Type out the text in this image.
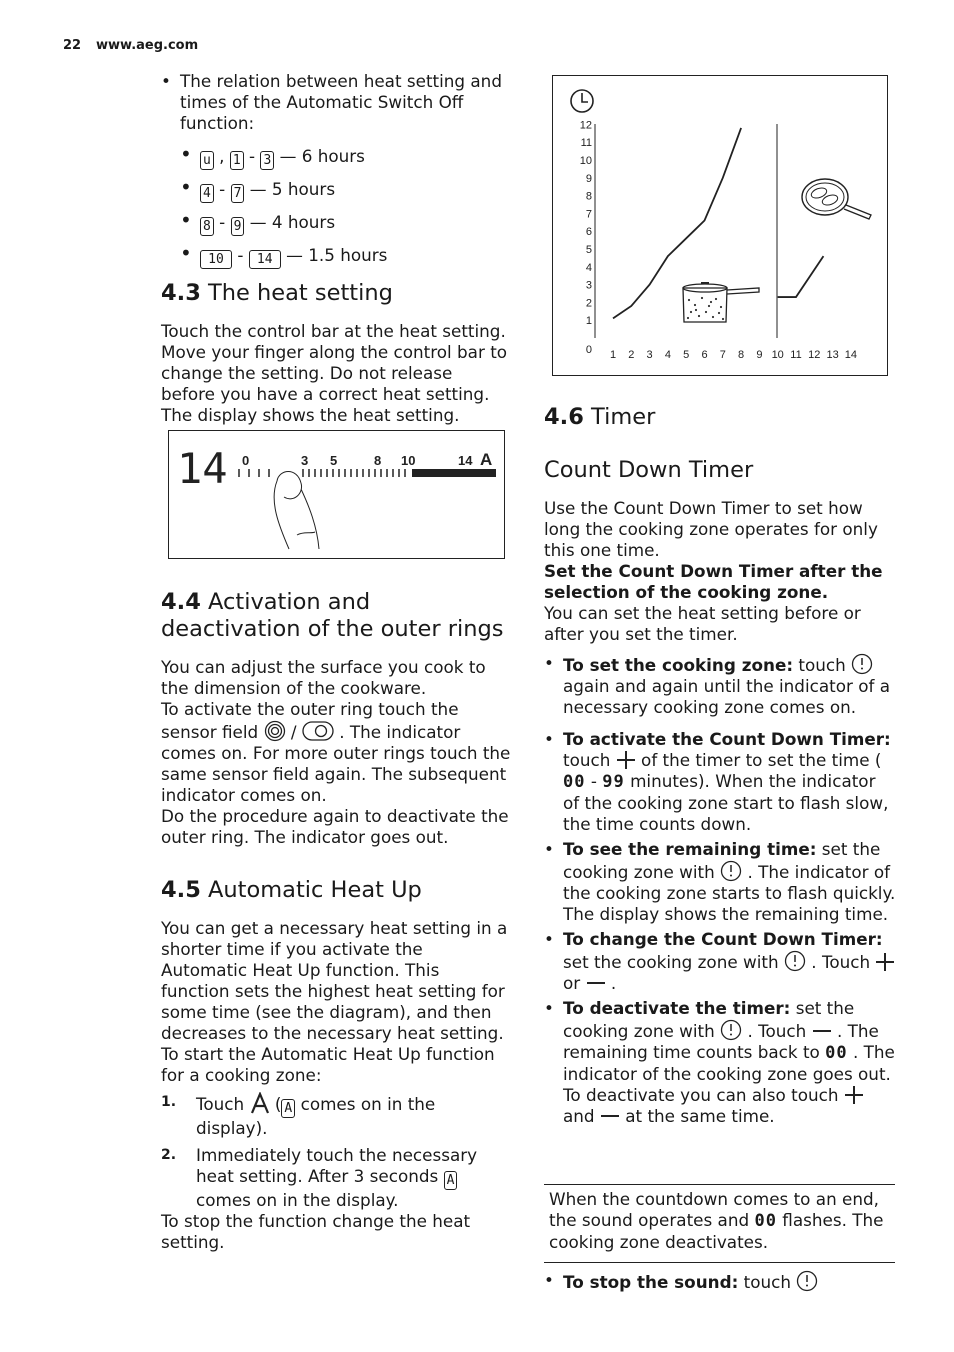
22 www.aeg.com
• The relation between heat setting and times of the Automatic Switch Off function:
• u , 1 - 3 — 6 hours
• 4 - 7 — 5 hours
• 8 - 9 — 4 hours
• 10 - 14 — 1.5 hours
4.3 The heat setting

Touch the control bar at the heat setting. Move your finger along the control bar to change the setting. Do not release before you have a correct heat setting. The display shows the heat setting.

14 0	3 5	8 10	14 A
4.4 Activation and deactivation of the outer rings

You can adjust the surface you cook to the dimension of the cookware.

To activate the outer ring touch the sensor field /	. The indicator comes on. For more outer rings touch the same sensor field again. The subsequent indicator comes on.

Do the procedure again to deactivate the outer ring. The indicator goes out.

4.5 Automatic Heat Up

You can get a necessary heat setting in a shorter time if you activate the Automatic Heat Up function. This function sets the highest heat setting for some time (see the diagram), and then decreases to the necessary heat setting.

To start the Automatic Heat Up function for a cooking zone:

1. Touch ( A comes on in the display).
2. Immediately touch the necessary heat setting. After 3 seconds A comes on in the display.

To stop the function change the heat setting.

0
1
2
3
4
5
6
7
8
9
10
11
12
1 2 3 4 5 6 7 8 9 10 11 12 13 14
4.6 Timer
Count Down Timer

Use the Count Down Timer to set how long the cooking zone operates for only this one time.

Set the Count Down Timer after the selection of the cooking zone.

You can set the heat setting before or after you set the timer.

• To set the cooking zone: touch  again and again until the indicator of a necessary cooking zone comes on.
• To activate the Count Down Timer: touch of the timer to set the time ( 00 - 99 minutes). When the indicator of the cooking zone start to flash slow, the time counts down.
• To see the remaining time: set the cooking zone with . The indicator of the cooking zone starts to flash quickly. The display shows the remaining time.
• To change the Count Down Timer: set the cooking zone with . Touch  or .
• To deactivate the timer: set the cooking zone with . Touch . The remaining time counts back to 00 . The indicator of the cooking zone goes out. To deactivate you can also touch  and at the same time.
When the countdown comes to an end, the sound operates and 00 flashes. The cooking zone deactivates.
• To stop the sound: touch
